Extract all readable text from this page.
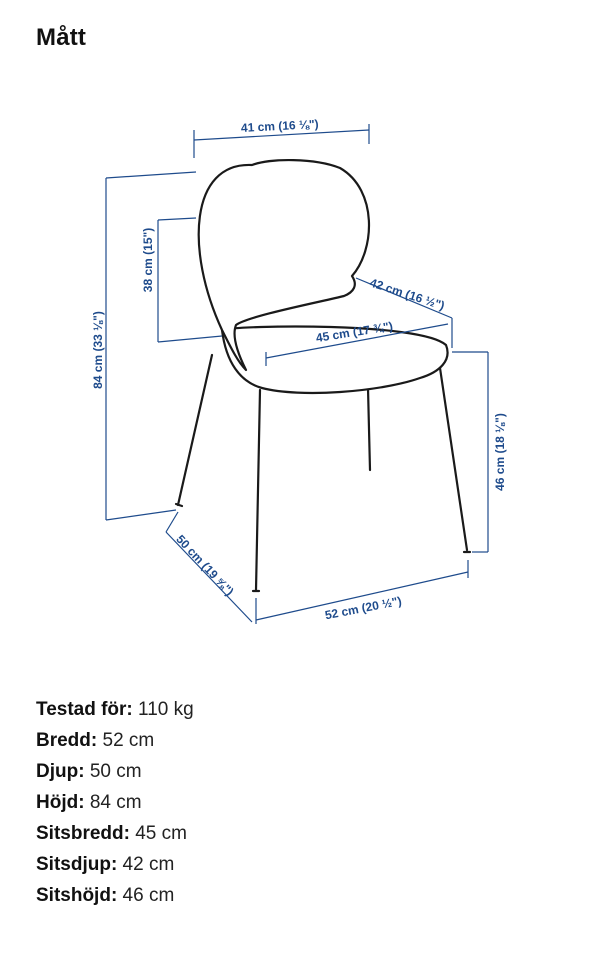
Mått
41 cm (16 ⅛")
84 cm (33 ⅛")
38 cm (15")
42 cm (16 ½")
45 cm (17 ¾")
46 cm (18 ⅛")
50 cm (19 ⅝")
52 cm (20 ½")
Testad för: 110 kg
Bredd: 52 cm
Djup: 50 cm
Höjd: 84 cm
Sitsbredd: 45 cm
Sitsdjup: 42 cm
Sitshöjd: 46 cm
